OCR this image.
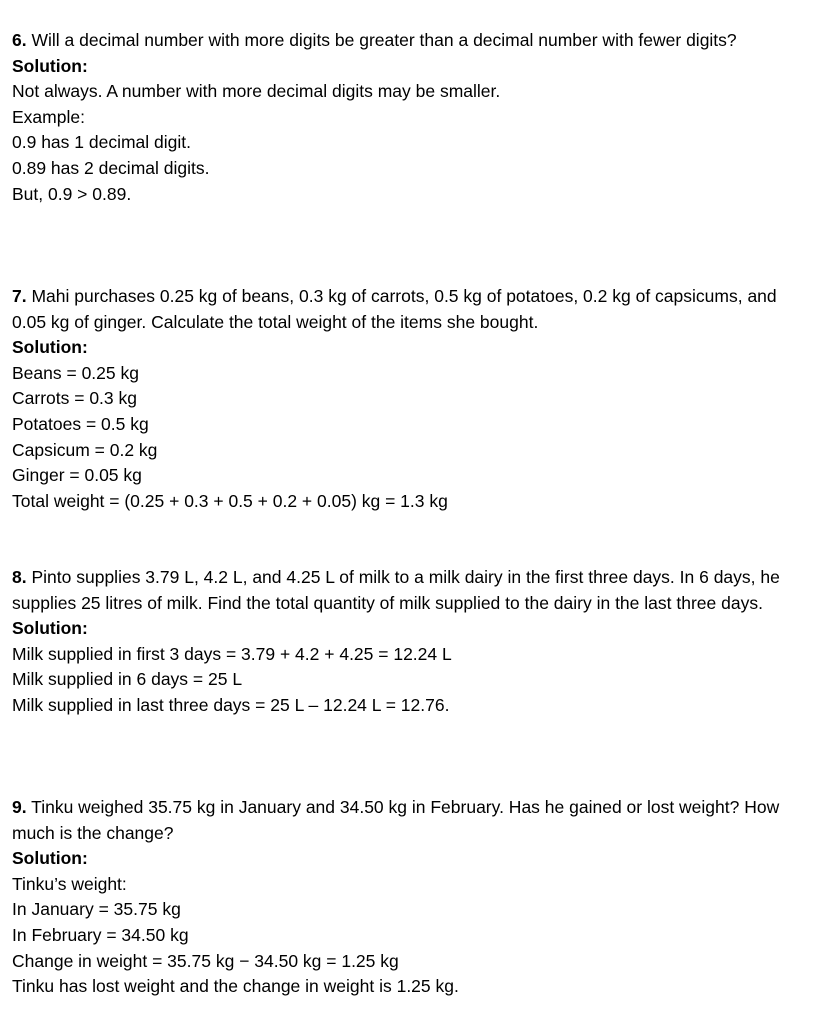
6. Will a decimal number with more digits be greater than a decimal number with fewer digits?
Solution:
Not always. A number with more decimal digits may be smaller.
Example:
0.9 has 1 decimal digit.
0.89 has 2 decimal digits.
But, 0.9 > 0.89.
7. Mahi purchases 0.25 kg of beans, 0.3 kg of carrots, 0.5 kg of potatoes, 0.2 kg of capsicums, and 0.05 kg of ginger. Calculate the total weight of the items she bought.
Solution:
Beans = 0.25 kg
Carrots = 0.3 kg
Potatoes = 0.5 kg
Capsicum = 0.2 kg
Ginger = 0.05 kg
Total weight = (0.25 + 0.3 + 0.5 + 0.2 + 0.05) kg = 1.3 kg
8. Pinto supplies 3.79 L, 4.2 L, and 4.25 L of milk to a milk dairy in the first three days. In 6 days, he supplies 25 litres of milk. Find the total quantity of milk supplied to the dairy in the last three days.
Solution:
Milk supplied in first 3 days = 3.79 + 4.2 + 4.25 = 12.24 L
Milk supplied in 6 days = 25 L
Milk supplied in last three days = 25 L – 12.24 L = 12.76.
9. Tinku weighed 35.75 kg in January and 34.50 kg in February. Has he gained or lost weight? How much is the change?
Solution:
Tinku’s weight:
In January = 35.75 kg
In February = 34.50 kg
Change in weight = 35.75 kg − 34.50 kg = 1.25 kg
Tinku has lost weight and the change in weight is 1.25 kg.
